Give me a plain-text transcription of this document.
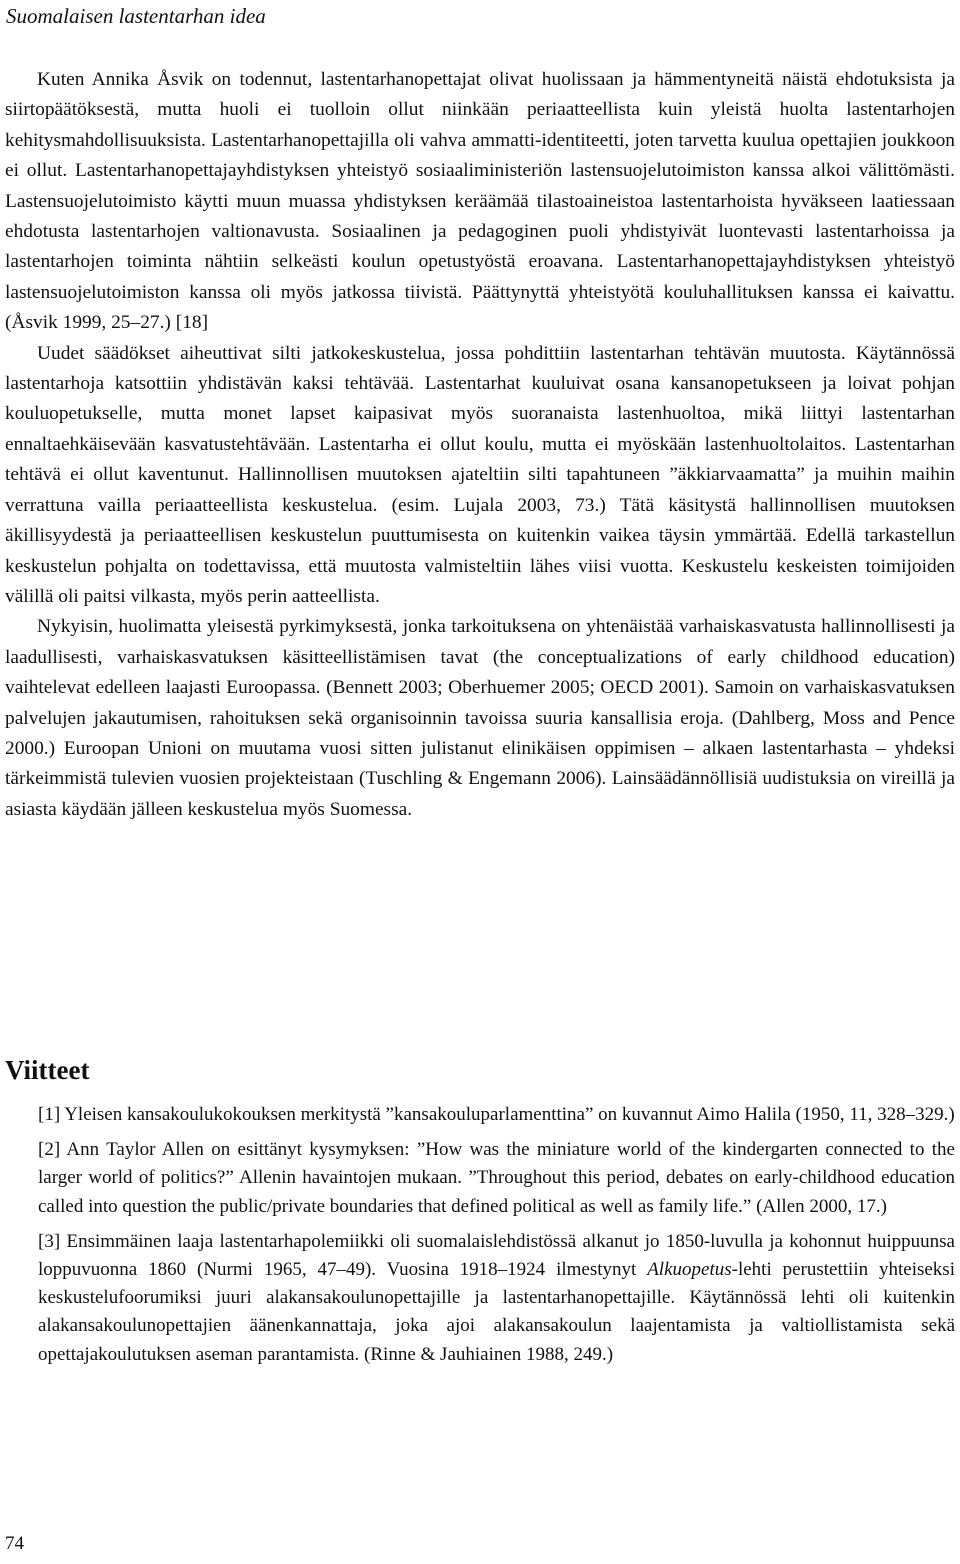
Suomalaisen lastentarhan idea

Kuten Annika Åsvik on todennut, lastentarhanopettajat olivat huolissaan ja hämmentyneitä näistä ehdotuksista ja siirtopäätöksestä, mutta huoli ei tuolloin ollut niinkään periaatteellista kuin yleistä huolta lastentarhojen kehitysmahdollisuuksista. Lastentarhanopettajilla oli vahva ammatti-identiteetti, joten tarvetta kuulua opettajien joukkoon ei ollut. Lastentarhanopettajayhdistyksen yhteistyö sosiaaliministeriön lastensuojelutoimiston kanssa alkoi välittömästi. Lastensuojelutoimisto käytti muun muassa yhdistyksen keräämää tilastoaineistoa lastentarhoista hyväkseen laatiessaan ehdotusta lastentarhojen valtionavusta. Sosiaalinen ja pedagoginen puoli yhdistyivät luontevasti lastentarhoissa ja lastentarhojen toiminta nähtiin selkeästi koulun opetustyöstä eroavana. Lastentarhanopettajayhdistyksen yhteistyö lastensuojelutoimiston kanssa oli myös jatkossa tiivistä. Päättynyttä yhteistyötä kouluhallituksen kanssa ei kaivattu. (Åsvik 1999, 25–27.) [18]

Uudet säädökset aiheuttivat silti jatkokeskustelua, jossa pohdittiin lastentarhan tehtävän muutosta. Käytännössä lastentarhoja katsottiin yhdistävän kaksi tehtävää. Lastentarhat kuuluivat osana kansanopetukseen ja loivat pohjan kouluopetukselle, mutta monet lapset kaipasivat myös suoranaista lastenhuoltoa, mikä liittyi lastentarhan ennaltaehkäisevään kasvatustehtävään. Lastentarha ei ollut koulu, mutta ei myöskään lastenhuoltolaitos. Lastentarhan tehtävä ei ollut kaventunut. Hallinnollisen muutoksen ajateltiin silti tapahtuneen ”äkkiarvaamatta” ja muihin maihin verrattuna vailla periaatteellista keskustelua. (esim. Lujala 2003, 73.) Tätä käsitystä hallinnollisen muutoksen äkillisyydestä ja periaatteellisen keskustelun puuttumisesta on kuitenkin vaikea täysin ymmärtää. Edellä tarkastellun keskustelun pohjalta on todettavissa, että muutosta valmisteltiin lähes viisi vuotta. Keskustelu keskeisten toimijoiden välillä oli paitsi vilkasta, myös perin aatteellista.

Nykyisin, huolimatta yleisestä pyrkimyksestä, jonka tarkoituksena on yhtenäistää varhaiskasvatusta hallinnollisesti ja laadullisesti, varhaiskasvatuksen käsitteellistämisen tavat (the conceptualizations of early childhood education) vaihtelevat edelleen laajasti Euroopassa. (Bennett 2003; Oberhuemer 2005; OECD 2001). Samoin on varhaiskasvatuksen palvelujen jakautumisen, rahoituksen sekä organisoinnin tavoissa suuria kansallisia eroja. (Dahlberg, Moss and Pence 2000.) Euroopan Unioni on muutama vuosi sitten julistanut elinikäisen oppimisen – alkaen lastentarhasta – yhdeksi tärkeimmistä tulevien vuosien projekteistaan (Tuschling & Engemann 2006). Lainsäädännöllisiä uudistuksia on vireillä ja asiasta käydään jälleen keskustelua myös Suomessa.

Viitteet

[1] Yleisen kansakoulukokouksen merkitystä ”kansakouluparlamenttina” on kuvannut Aimo Halila (1950, 11, 328–329.)

[2] Ann Taylor Allen on esittänyt kysymyksen: ”How was the miniature world of the kindergarten connected to the larger world of politics?” Allenin havaintojen mukaan. ”Throughout this period, debates on early-childhood education called into question the public/private boundaries that defined political as well as family life.” (Allen 2000, 17.)

[3] Ensimmäinen laaja lastentarhapolemiikki oli suomalaislehdistössä alkanut jo 1850-luvulla ja kohonnut huippuunsa loppuvuonna 1860 (Nurmi 1965, 47–49). Vuosina 1918–1924 ilmestynyt Alkuopetus-lehti perustettiin yhteiseksi keskustelufoorumiksi juuri alakansakoulunopettajille ja lastentarhanopettajille. Käytännössä lehti oli kuitenkin alakansakoulunopettajien äänenkannattaja, joka ajoi alakansakoulun laajentamista ja valtiollistamista sekä opettajakoulutuksen aseman parantamista. (Rinne & Jauhiainen 1988, 249.)

74
